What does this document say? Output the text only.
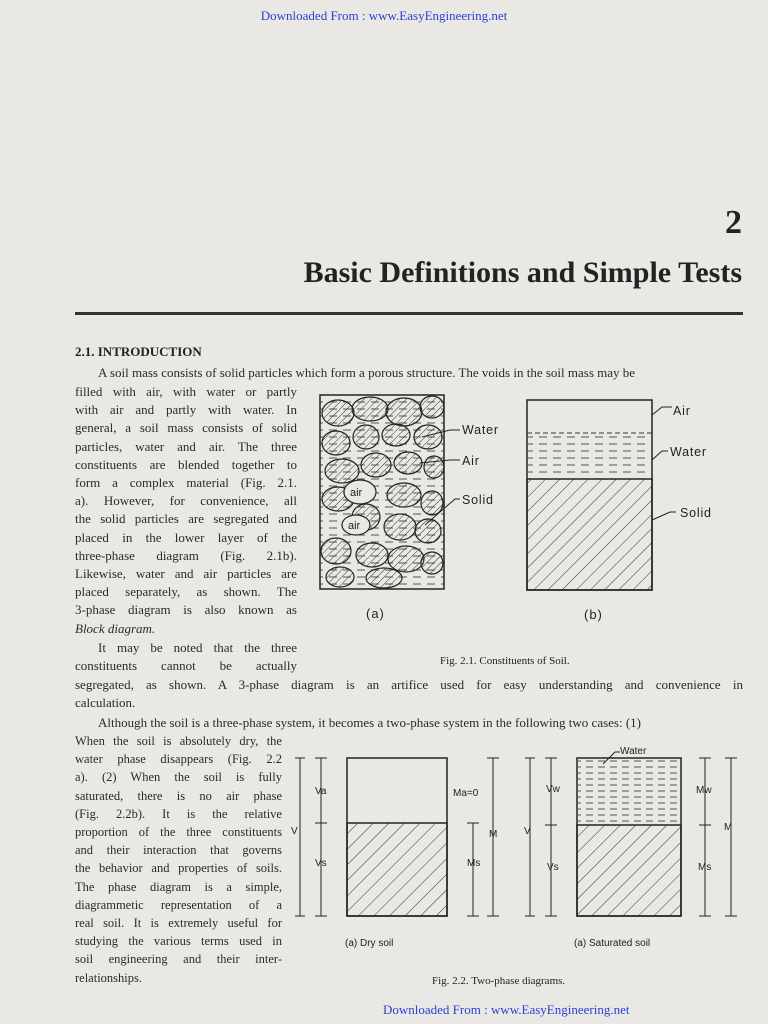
Downloaded From : www.EasyEngineering.net
2
Basic Definitions and Simple Tests
2.1. INTRODUCTION
A soil mass consists of solid particles which form a porous structure. The voids in the soil mass may be
filled with air, with water or partly
with air and partly with water. In
general, a soil mass consists of solid
particles, water and air. The three
constituents are blended together to
form a complex material (Fig. 2.1.
a). However, for convenience, all
the solid particles are segregated and
placed in the lower layer of the
three-phase diagram (Fig. 2.1b).
Likewise, water and air particles are
placed separately, as shown. The
3-phase diagram is also known as
Block diagram.
It may be noted that the three
constituents cannot be actually
segregated, as shown. A 3-phase diagram is an artifice used for easy understanding and convenience in
calculation.
Although the soil is a three-phase system, it becomes a two-phase system in the following two cases: (1)
When the soil is absolutely dry, the
water phase disappears (Fig. 2.2
a). (2) When the soil is fully
saturated, there is no air phase
(Fig. 2.2b). It is the relative
proportion of the three constituents
and their interaction that governs
the behavior and properties of soils.
The phase diagram is a simple,
diagrammetic representation of a
real soil. It is extremely useful for
studying the various terms used in
soil engineering and their inter-
relationships.
air
air
Water
Air
Solid
Air
Water
Solid
(a)	(b)
Fig. 2.1. Constituents of Soil.
V
Va
Vs
Ma=0
M
Ms
Water
V
Vw
Vs
Mw
M
Ms
(a) Dry soil	(a) Saturated soil
Fig. 2.2. Two-phase diagrams.
Downloaded From : www.EasyEngineering.net
